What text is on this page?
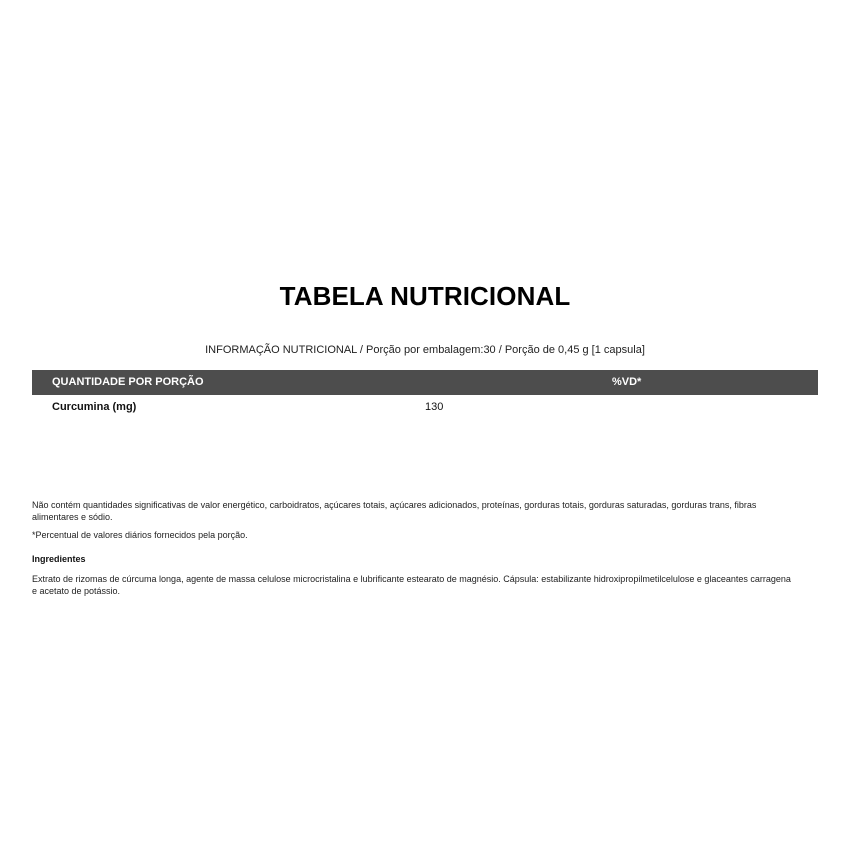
TABELA NUTRICIONAL
INFORMAÇÃO NUTRICIONAL / Porção por embalagem:30 / Porção de 0,45 g [1 capsula]
QUANTIDADE POR PORÇÃO	%VD*
Curcumina (mg)	130

Não contém quantidades significativas de valor energético, carboidratos, açúcares totais, açúcares adicionados, proteínas, gorduras totais, gorduras saturadas, gorduras trans, fibras alimentares e sódio.

*Percentual de valores diários fornecidos pela porção.

Ingredientes

Extrato de rizomas de cúrcuma longa, agente de massa celulose microcristalina e lubrificante estearato de magnésio. Cápsula: estabilizante hidroxipropilmetilcelulose e glaceantes carragena e acetato de potássio.
